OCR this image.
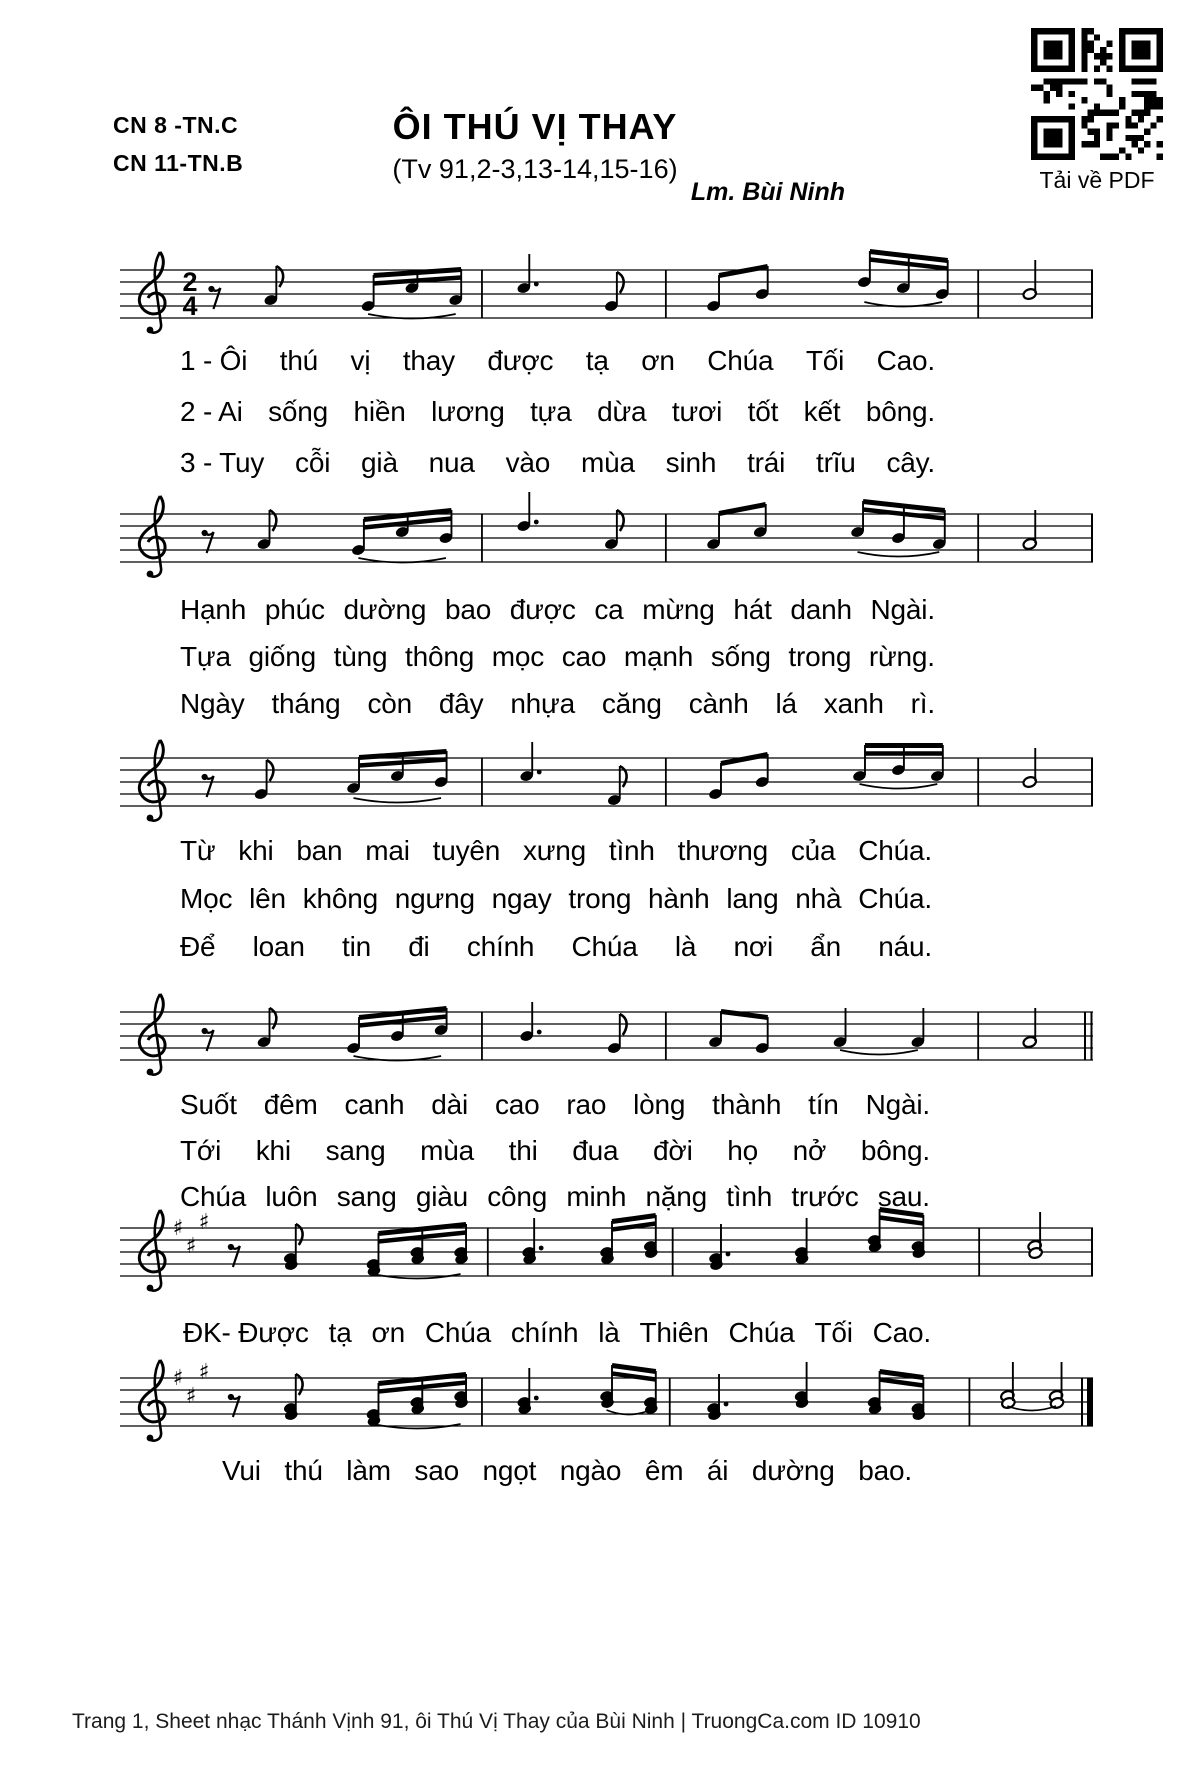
CN 8 -TN.C
CN 11-TN.B
ÔI THÚ VỊ THAY
(Tv 91,2-3,13-14,15-16)
Lm. Bùi Ninh	Tải về PDF
2
4
♯
♯
♯
♯
♯
♯
1 - Ôi thú vị thay được tạ ơn Chúa Tối Cao.
2 - Ai sống hiền lương tựa dừa tươi tốt kết bông.
3 - Tuy cỗi già nua vào mùa sinh trái trĩu cây.
Hạnh phúc dường bao được ca mừng hát danh Ngài.
Tựa giống tùng thông mọc cao mạnh sống trong rừng.
Ngày tháng còn đây nhựa căng cành lá xanh rì.
Từ khi ban mai tuyên xưng tình thương của Chúa.
Mọc lên không ngưng ngay trong hành lang nhà Chúa.
Để loan tin đi chính Chúa là nơi ẩn náu.
Suốt đêm canh dài cao rao lòng thành tín Ngài.
Tới khi sang mùa thi đua đời họ nở bông.
Chúa luôn sang giàu công minh nặng tình trước sau.
ĐK- Được tạ ơn Chúa chính là Thiên Chúa Tối Cao.
Vui thú làm sao ngọt ngào êm ái dường bao.
Trang 1, Sheet nhạc Thánh Vịnh 91, ôi Thú Vị Thay của Bùi Ninh | TruongCa.com ID 10910
